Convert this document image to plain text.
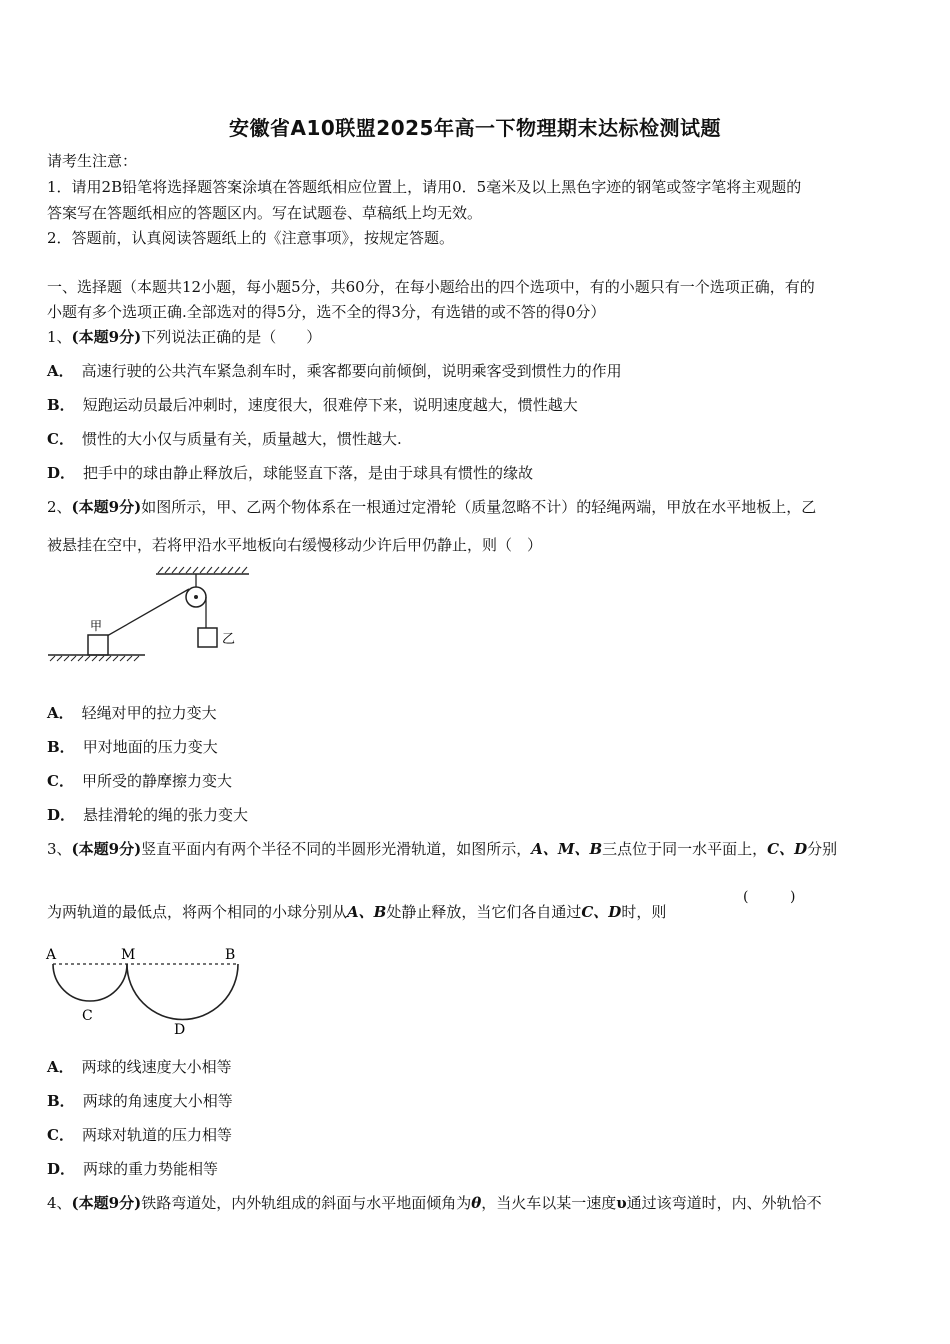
安徽省A10联盟2025年高一下物理期末达标检测试题
请考生注意：
1．请用2B铅笔将选择题答案涂填在答题纸相应位置上，请用0．5毫米及以上黑色字迹的钢笔或签字笔将主观题的
答案写在答题纸相应的答题区内。写在试题卷、草稿纸上均无效。
2．答题前，认真阅读答题纸上的《注意事项》，按规定答题。
一、选择题（本题共12小题，每小题5分，共60分，在每小题给出的四个选项中，有的小题只有一个选项正确，有的
小题有多个选项正确.全部选对的得5分，选不全的得3分，有选错的或不答的得0分）
1、(本题9分)下列说法正确的是（　　）
A． 高速行驶的公共汽车紧急刹车时，乘客都要向前倾倒，说明乘客受到惯性力的作用
B． 短跑运动员最后冲刺时，速度很大，很难停下来，说明速度越大，惯性越大
C． 惯性的大小仅与质量有关，质量越大，惯性越大.
D． 把手中的球由静止释放后，球能竖直下落，是由于球具有惯性的缘故
2、(本题9分)如图所示，甲、乙两个物体系在一根通过定滑轮（质量忽略不计）的轻绳两端，甲放在水平地板上，乙
被悬挂在空中，若将甲沿水平地板向右缓慢移动少许后甲仍静止，则（　）
乙
甲
A． 轻绳对甲的拉力变大
B． 甲对地面的压力变大
C． 甲所受的静摩擦力变大
D． 悬挂滑轮的绳的张力变大
3、(本题9分)竖直平面内有两个半径不同的半圆形光滑轨道，如图所示，A、M、B三点位于同一水平面上，C、D分别
为两轨道的最低点，将两个相同的小球分别从A、B处静止释放，当它们各自通过C、D时，则
(	)
A	M	B
C
D
A． 两球的线速度大小相等
B． 两球的角速度大小相等
C． 两球对轨道的压力相等
D． 两球的重力势能相等
4、(本题9分)铁路弯道处，内外轨组成的斜面与水平地面倾角为θ，当火车以某一速度υ通过该弯道时，内、外轨恰不
